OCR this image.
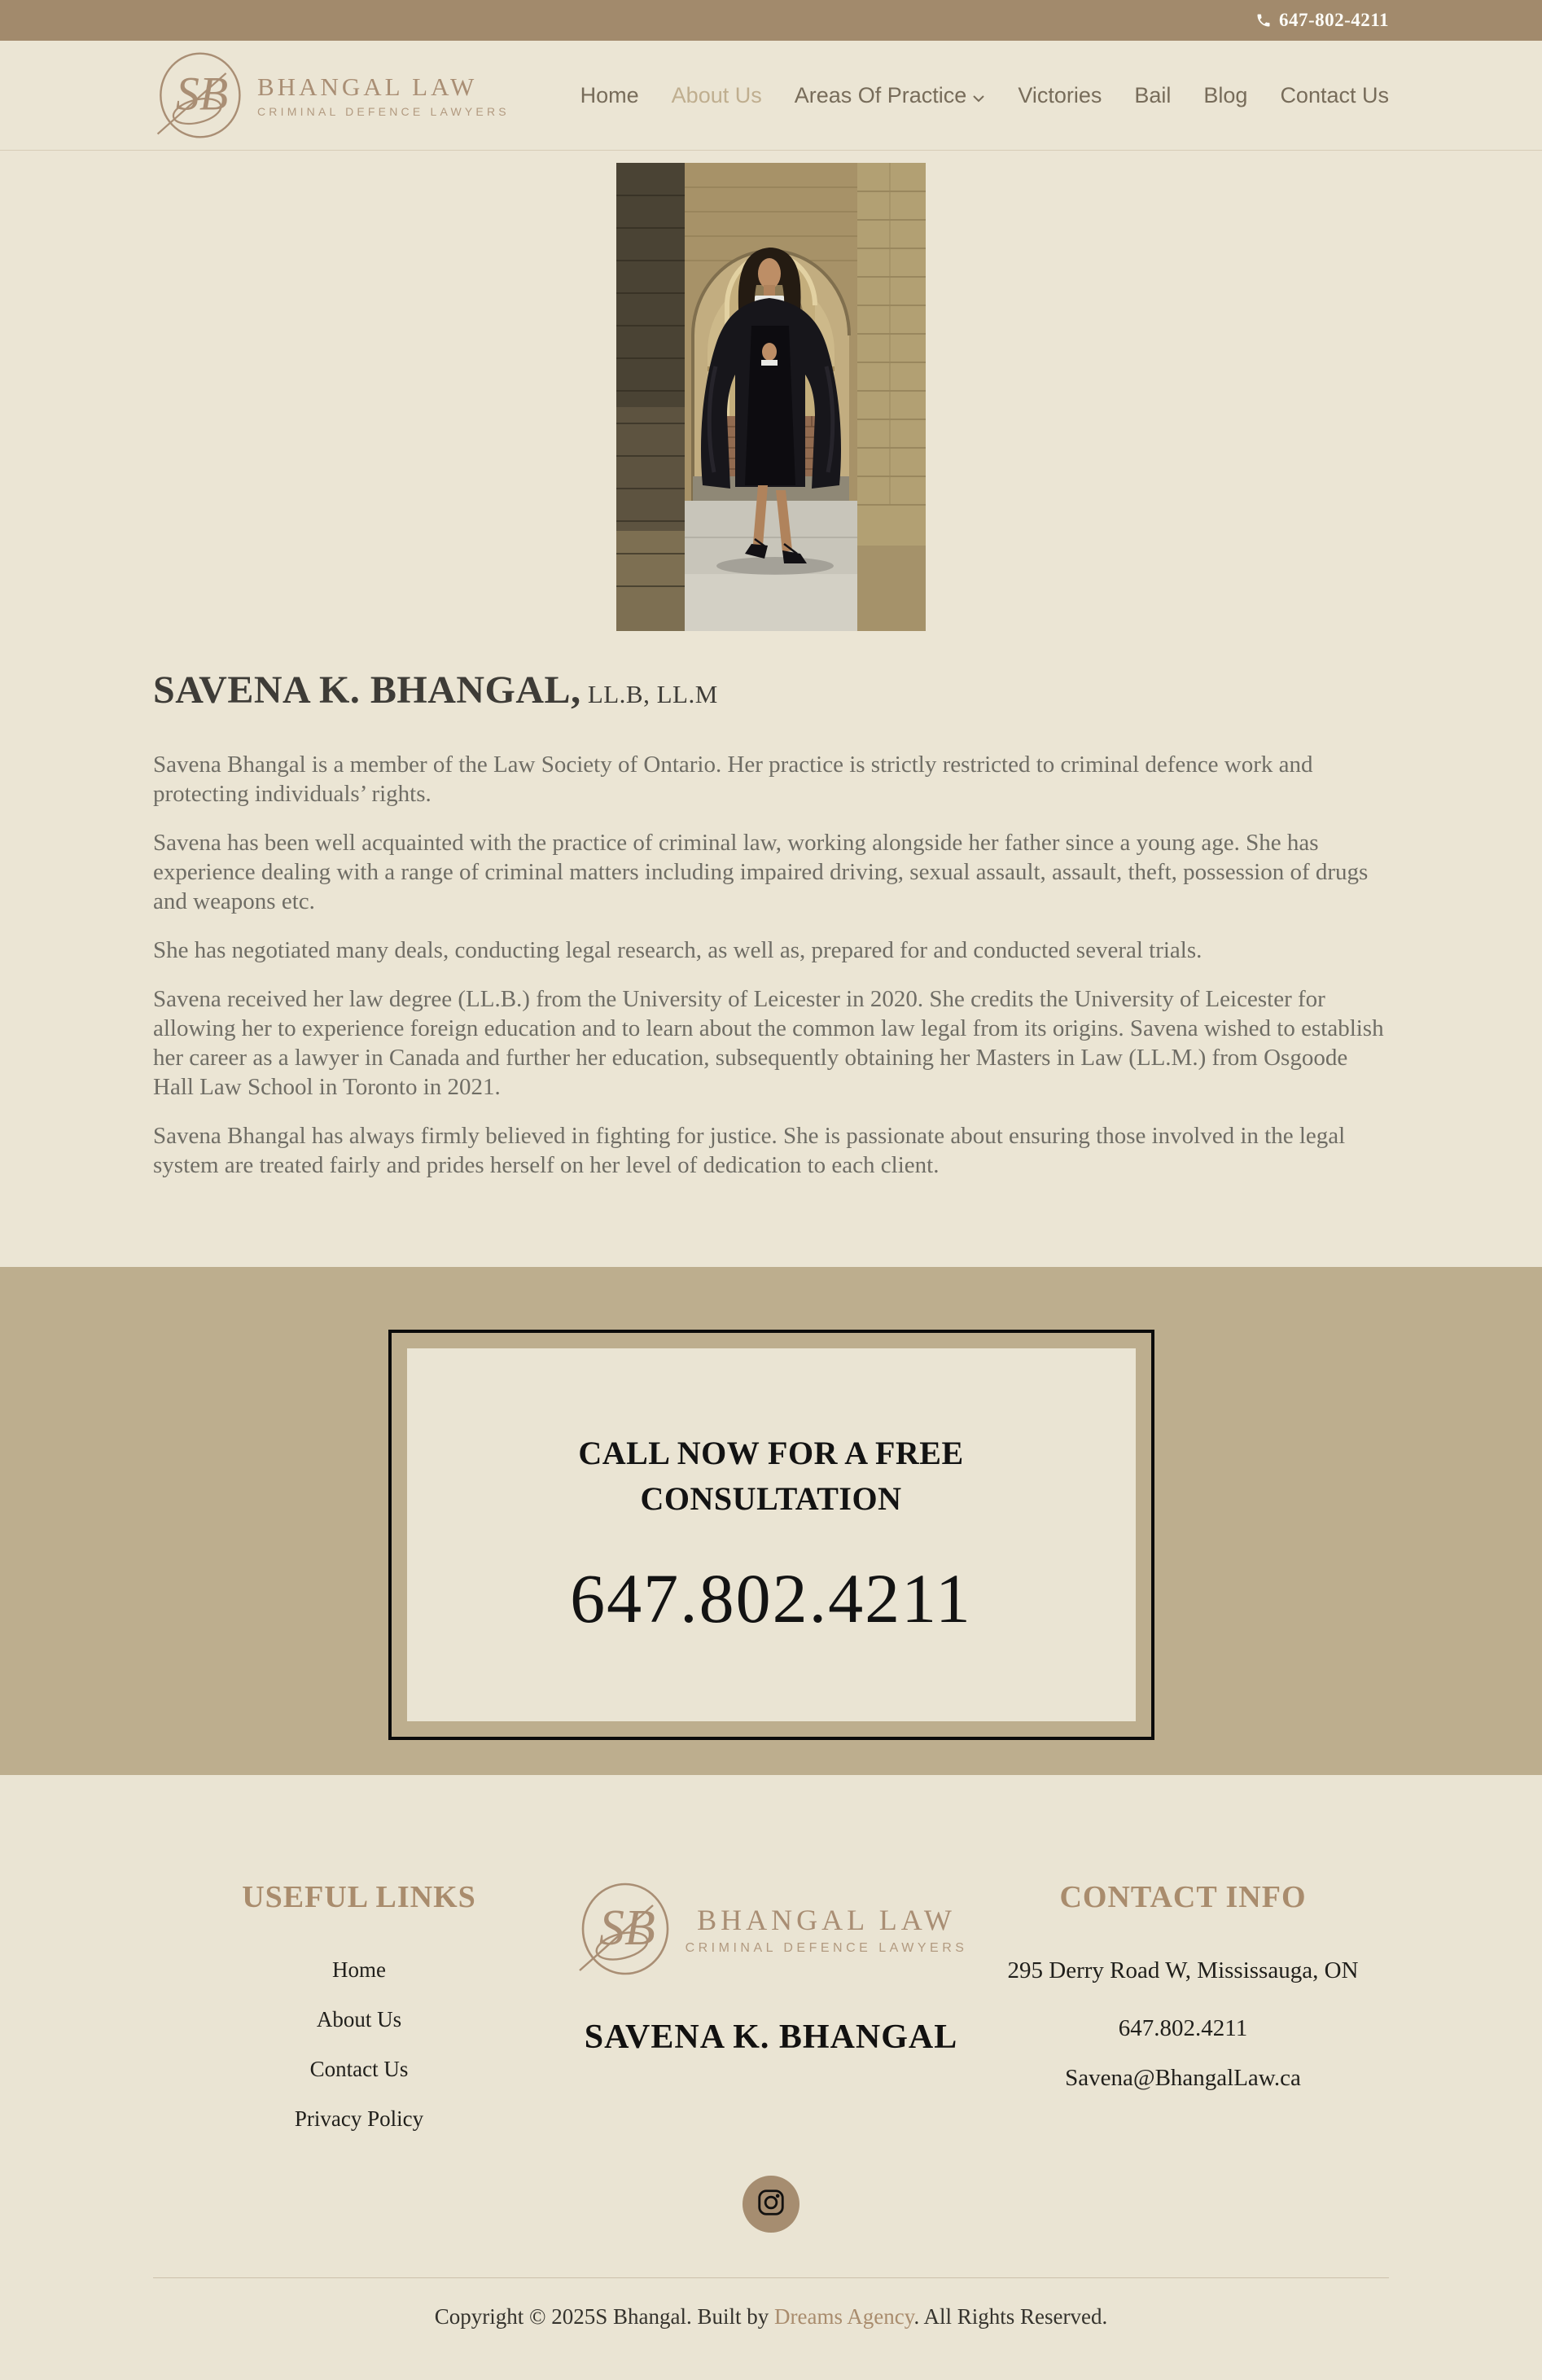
647-802-4211
SB BHANGAL LAW
CRIMINAL DEFENCE LAWYERS
Home About Us Areas Of Practice Victories Bail Blog Contact Us
SAVENA K. BHANGAL, LL.B, LL.M

Savena Bhangal is a member of the Law Society of Ontario. Her practice is strictly restricted to criminal defence work and protecting individuals’ rights.

Savena has been well acquainted with the practice of criminal law, working alongside her father since a young age. She has experience dealing with a range of criminal matters including impaired driving, sexual assault, assault, theft, possession of drugs and weapons etc.

She has negotiated many deals, conducting legal research, as well as, prepared for and conducted several trials.

Savena received her law degree (LL.B.) from the University of Leicester in 2020. She credits the University of Leicester for allowing her to experience foreign education and to learn about the common law legal from its origins. Savena wished to establish her career as a lawyer in Canada and further her education, subsequently obtaining her Masters in Law (LL.M.) from Osgoode Hall Law School in Toronto in 2021.

Savena Bhangal has always firmly believed in fighting for justice. She is passionate about ensuring those involved in the legal system are treated fairly and prides herself on her level of dedication to each client.

CALL NOW FOR A FREE CONSULTATION
647.802.4211
USEFUL LINKS
Home
About Us
Contact Us
Privacy Policy
SB	BHANGAL LAW
CRIMINAL DEFENCE LAWYERS
SAVENA K. BHANGAL
CONTACT INFO
295 Derry Road W, Mississauga, ON
647.802.4211
Savena@BhangalLaw.ca
Copyright © 2025S Bhangal. Built by Dreams Agency. All Rights Reserved.
